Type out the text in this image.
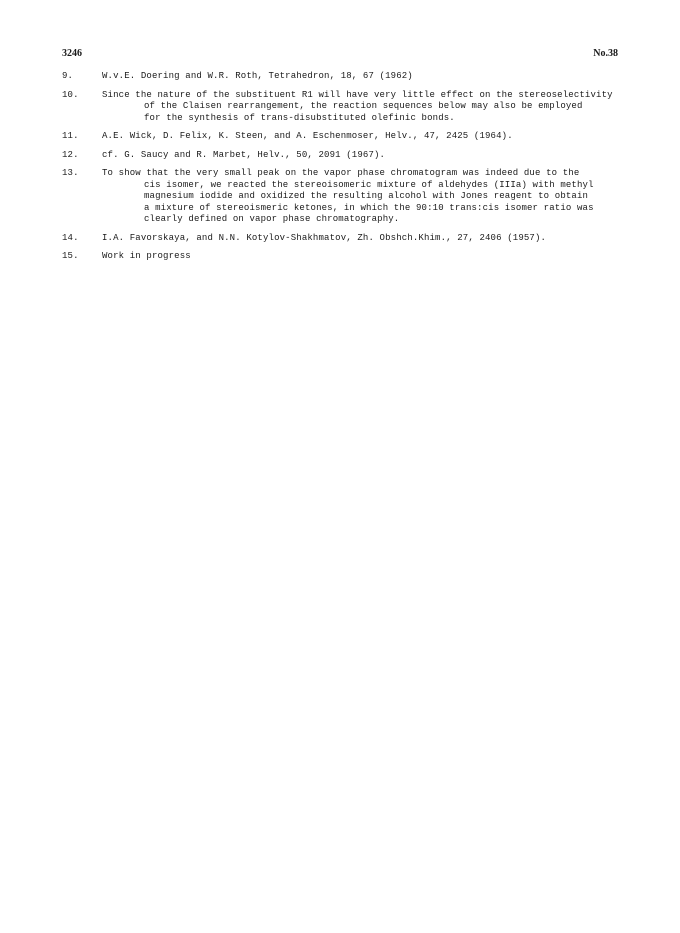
3246	No.38
9.	W.v.E. Doering and W.R. Roth, Tetrahedron, 18, 67 (1962)
10.	Since the nature of the substituent R1 will have very little effect on the stereoselectivity
of the Claisen rearrangement, the reaction sequences below may also be employed
for the synthesis of trans-disubstituted olefinic bonds.
11.	A.E. Wick, D. Felix, K. Steen, and A. Eschenmoser, Helv., 47, 2425 (1964).
12.	cf. G. Saucy and R. Marbet, Helv., 50, 2091 (1967).
13.	To show that the very small peak on the vapor phase chromatogram was indeed due to the
cis isomer, we reacted the stereoisomeric mixture of aldehydes (IIIa) with methyl
magnesium iodide and oxidized the resulting alcohol with Jones reagent to obtain
a mixture of stereoismeric ketones, in which the 90:10 trans:cis isomer ratio was
clearly defined on vapor phase chromatography.
14.	I.A. Favorskaya, and N.N. Kotylov-Shakhmatov, Zh. Obshch.Khim., 27, 2406 (1957).
15.	Work in progress
